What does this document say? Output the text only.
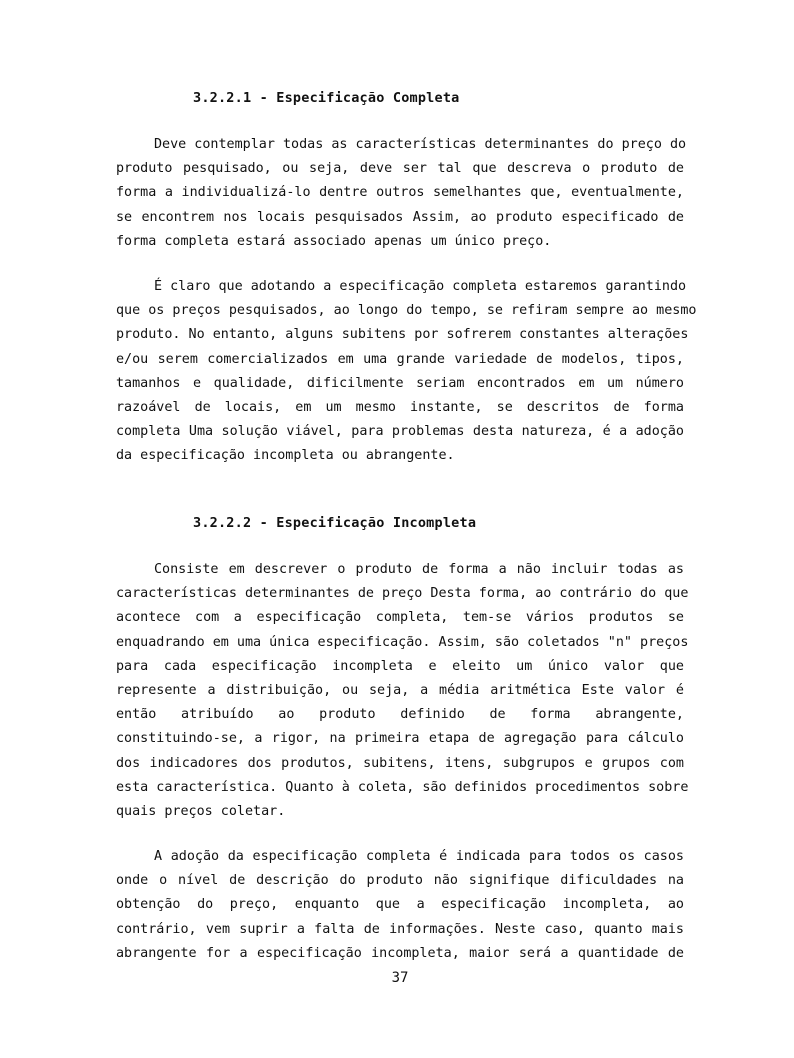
3.2.2.1 - Especificação Completa
Deve contemplar todas as características determinantes do preço do
produto pesquisado, ou seja, deve ser tal que descreva o produto de
forma a individualizá-lo dentre outros semelhantes que, eventualmente,
se encontrem nos locais pesquisados Assim, ao produto especificado de
forma completa estará associado apenas um único preço.
É claro que adotando a especificação completa estaremos garantindo
que os preços pesquisados, ao longo do tempo, se refiram sempre ao mesmo
produto. No entanto, alguns subitens por sofrerem constantes alterações
e/ou serem comercializados em uma grande variedade de modelos, tipos,
tamanhos e qualidade, dificilmente seriam encontrados em um número
razoável de locais, em um mesmo instante, se descritos de forma
completa Uma solução viável, para problemas desta natureza, é a adoção
da especificação incompleta ou abrangente.
3.2.2.2 - Especificação Incompleta
Consiste em descrever o produto de forma a não incluir todas as
características determinantes de preço Desta forma, ao contrário do que
acontece com a especificação completa, tem-se vários produtos se
enquadrando em uma única especificação. Assim, são coletados "n" preços
para cada especificação incompleta e eleito um único valor que
represente a distribuição, ou seja, a média aritmética Este valor é
então atribuído ao produto definido de forma abrangente,
constituindo-se, a rigor, na primeira etapa de agregação para cálculo
dos indicadores dos produtos, subitens, itens, subgrupos e grupos com
esta característica. Quanto à coleta, são definidos procedimentos sobre
quais preços coletar.
A adoção da especificação completa é indicada para todos os casos
onde o nível de descrição do produto não signifique dificuldades na
obtenção do preço, enquanto que a especificação incompleta, ao
contrário, vem suprir a falta de informações. Neste caso, quanto mais
abrangente for a especificação incompleta, maior será a quantidade de
37
